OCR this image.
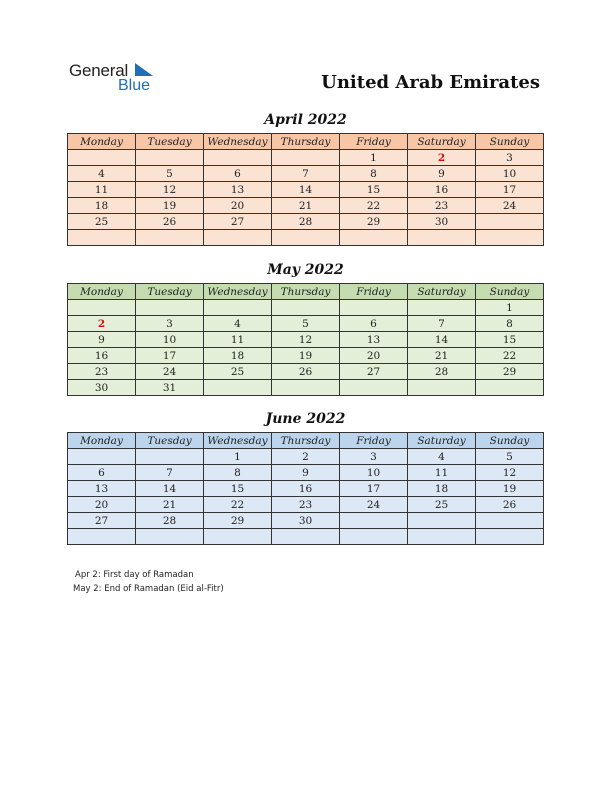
General
Blue	United Arab Emirates
April 2022
Monday	Tuesday	Wednesday	Thursday	Friday	Saturday	Sunday
				1	2	3
4	5	6	7	8	9	10
11	12	13	14	15	16	17
18	19	20	21	22	23	24
25	26	27	28	29	30	

May 2022
Monday	Tuesday	Wednesday	Thursday	Friday	Saturday	Sunday
						1
2	3	4	5	6	7	8
9	10	11	12	13	14	15
16	17	18	19	20	21	22
23	24	25	26	27	28	29
30	31					
June 2022
Monday	Tuesday	Wednesday	Thursday	Friday	Saturday	Sunday
		1	2	3	4	5
6	7	8	9	10	11	12
13	14	15	16	17	18	19
20	21	22	23	24	25	26
27	28	29	30			

Apr 2: First day of Ramadan
May 2: End of Ramadan (Eid al-Fitr)
